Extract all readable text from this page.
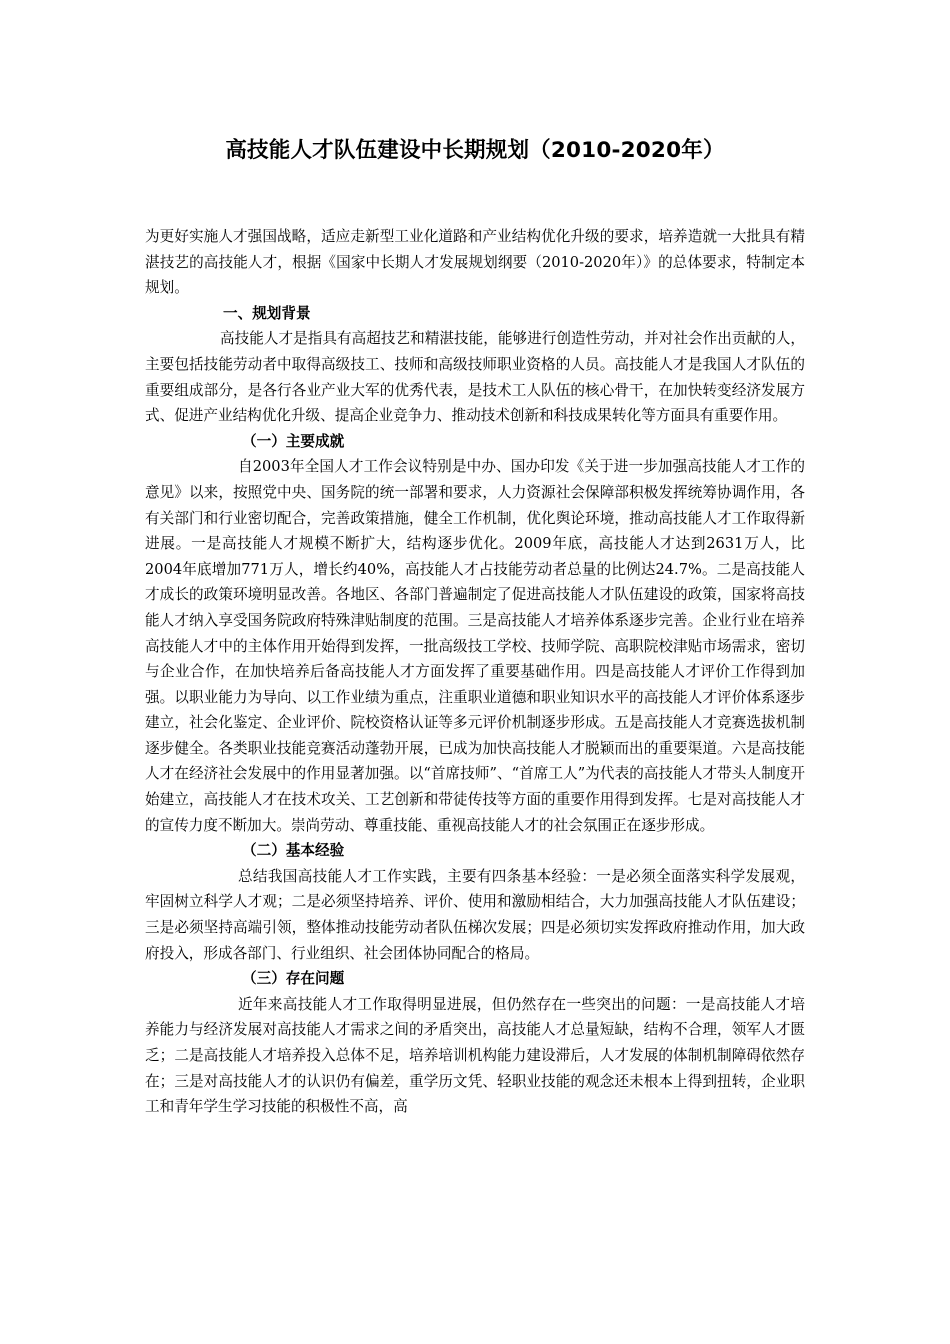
高技能人才队伍建设中长期规划（2010-2020年）

为更好实施人才强国战略，适应走新型工业化道路和产业结构优化升级的要求，培养造就一大批具有精湛技艺的高技能人才，根据《国家中长期人才发展规划纲要（2010-2020年）》的总体要求，特制定本规划。

一、规划背景

高技能人才是指具有高超技艺和精湛技能，能够进行创造性劳动，并对社会作出贡献的人，主要包括技能劳动者中取得高级技工、技师和高级技师职业资格的人员。高技能人才是我国人才队伍的重要组成部分，是各行各业产业大军的优秀代表，是技术工人队伍的核心骨干，在加快转变经济发展方式、促进产业结构优化升级、提高企业竞争力、推动技术创新和科技成果转化等方面具有重要作用。

（一）主要成就

自2003年全国人才工作会议特别是中办、国办印发《关于进一步加强高技能人才工作的意见》以来，按照党中央、国务院的统一部署和要求，人力资源社会保障部积极发挥统筹协调作用，各有关部门和行业密切配合，完善政策措施，健全工作机制，优化舆论环境，推动高技能人才工作取得新进展。一是高技能人才规模不断扩大，结构逐步优化。2009年底，高技能人才达到2631万人，比2004年底增加771万人，增长约40%，高技能人才占技能劳动者总量的比例达24.7%。二是高技能人才成长的政策环境明显改善。各地区、各部门普遍制定了促进高技能人才队伍建设的政策，国家将高技能人才纳入享受国务院政府特殊津贴制度的范围。三是高技能人才培养体系逐步完善。企业行业在培养高技能人才中的主体作用开始得到发挥，一批高级技工学校、技师学院、高职院校津贴市场需求，密切与企业合作，在加快培养后备高技能人才方面发挥了重要基础作用。四是高技能人才评价工作得到加强。以职业能力为导向、以工作业绩为重点，注重职业道德和职业知识水平的高技能人才评价体系逐步建立，社会化鉴定、企业评价、院校资格认证等多元评价机制逐步形成。五是高技能人才竞赛选拔机制逐步健全。各类职业技能竞赛活动蓬勃开展，已成为加快高技能人才脱颖而出的重要渠道。六是高技能人才在经济社会发展中的作用显著加强。以“首席技师”、“首席工人”为代表的高技能人才带头人制度开始建立，高技能人才在技术攻关、工艺创新和带徒传技等方面的重要作用得到发挥。七是对高技能人才的宣传力度不断加大。崇尚劳动、尊重技能、重视高技能人才的社会氛围正在逐步形成。

（二）基本经验

总结我国高技能人才工作实践，主要有四条基本经验：一是必须全面落实科学发展观，牢固树立科学人才观；二是必须坚持培养、评价、使用和激励相结合，大力加强高技能人才队伍建设；三是必须坚持高端引领，整体推动技能劳动者队伍梯次发展；四是必须切实发挥政府推动作用，加大政府投入，形成各部门、行业组织、社会团体协同配合的格局。

（三）存在问题

近年来高技能人才工作取得明显进展，但仍然存在一些突出的问题：一是高技能人才培养能力与经济发展对高技能人才需求之间的矛盾突出，高技能人才总量短缺，结构不合理，领军人才匮乏；二是高技能人才培养投入总体不足，培养培训机构能力建设滞后，人才发展的体制机制障碍依然存在；三是对高技能人才的认识仍有偏差，重学历文凭、轻职业技能的观念还未根本上得到扭转，企业职工和青年学生学习技能的积极性不高，高
